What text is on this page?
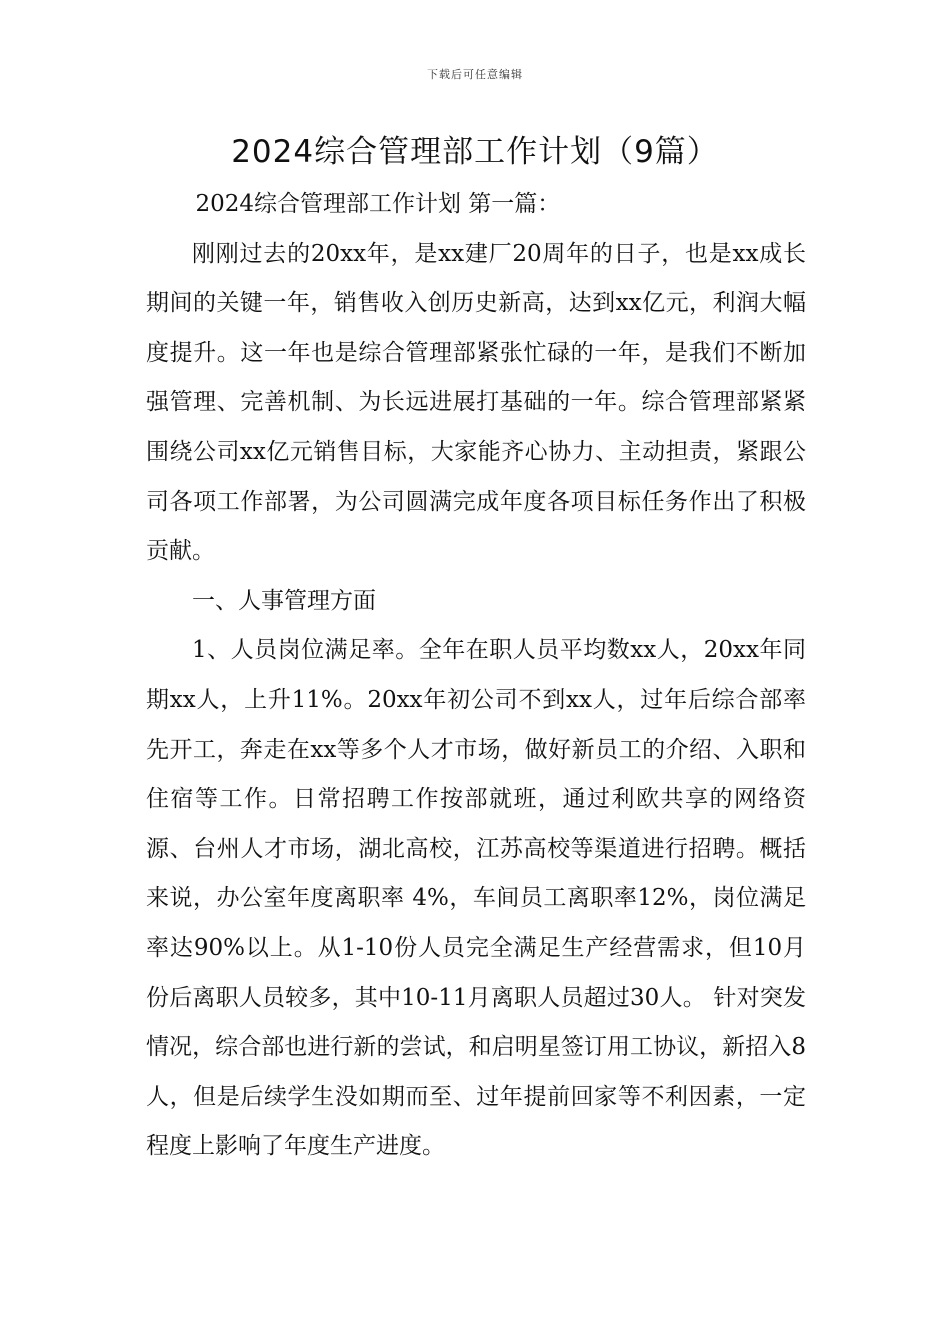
下载后可任意编辑
2024综合管理部工作计划（9篇）

2024综合管理部工作计划 第一篇：

刚刚过去的20xx年，是xx建厂20周年的日子，也是xx成长期间的关键一年，销售收入创历史新高，达到xx亿元，利润大幅度提升。这一年也是综合管理部紧张忙碌的一年，是我们不断加强管理、完善机制、为长远进展打基础的一年。综合管理部紧紧围绕公司xx亿元销售目标，大家能齐心协力、主动担责，紧跟公司各项工作部署，为公司圆满完成年度各项目标任务作出了积极贡献。

一、人事管理方面

1、人员岗位满足率。全年在职人员平均数xx人，20xx年同期xx人，上升11%。20xx年初公司不到xx人，过年后综合部率先开工，奔走在xx等多个人才市场，做好新员工的介绍、入职和住宿等工作。日常招聘工作按部就班，通过利欧共享的网络资源、台州人才市场，湖北高校，江苏高校等渠道进行招聘。概括来说，办公室年度离职率 4%，车间员工离职率12%，岗位满足率达90%以上。从1-10份人员完全满足生产经营需求，但10月份后离职人员较多，其中10-11月离职人员超过30人。 针对突发情况，综合部也进行新的尝试，和启明星签订用工协议，新招入8人，但是后续学生没如期而至、过年提前回家等不利因素，一定程度上影响了年度生产进度。
